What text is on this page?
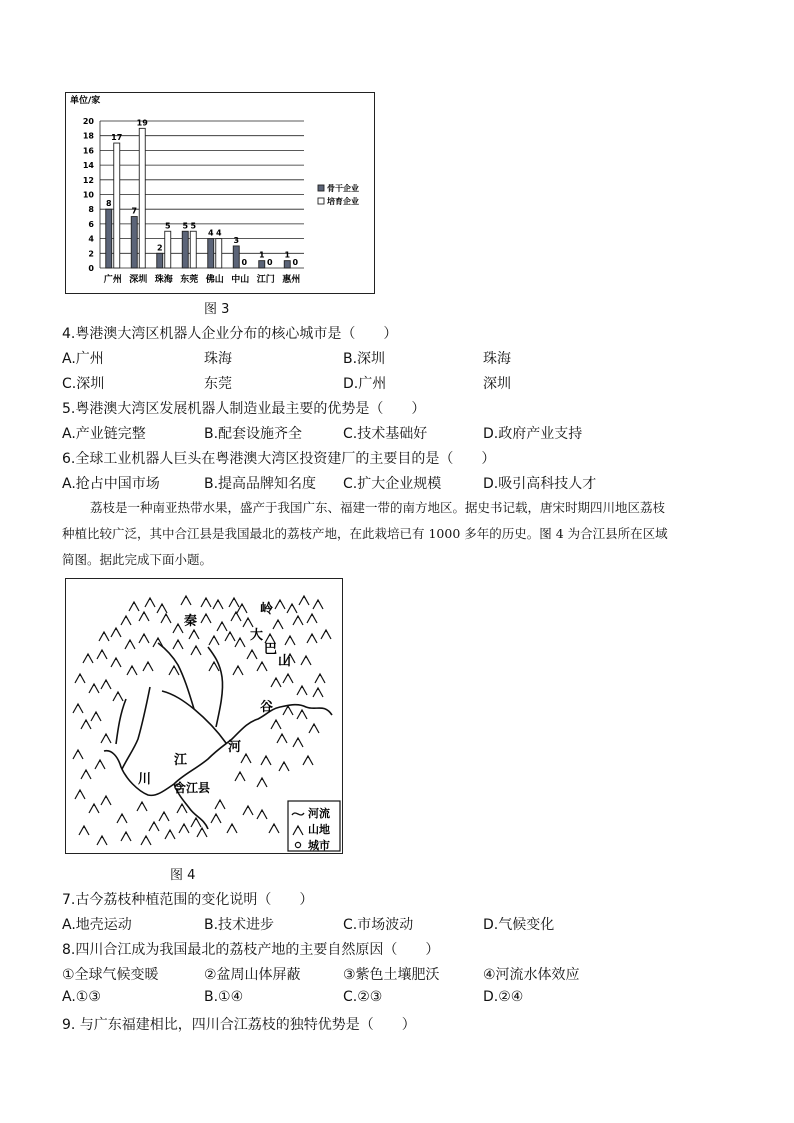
单位/家
0
2
4
6
8
10
12
14
16
18
20
8
17
广州
7
19
深圳
2
5
珠海
5 5
东莞
4 4
佛山
3
0
中山
1
0
江门
1
0
惠州
骨干企业
培育企业
图 3
4.粤港澳大湾区机器人企业分布的核心城市是（　　）
A.广州	珠海	B.深圳	珠海
C.深圳	东莞	D.广州	深圳
5.粤港澳大湾区发展机器人制造业最主要的优势是（　　）
A.产业链完整	B.配套设施齐全	C.技术基础好	D.政府产业支持
6.全球工业机器人巨头在粤港澳大湾区投资建厂的主要目的是（　　）
A.抢占中国市场	B.提高品牌知名度 C.扩大企业规模	D.吸引高科技人才
荔枝是一种南亚热带水果，盛产于我国广东、福建一带的南方地区。据史书记载，唐宋时期四川地区荔枝
种植比较广泛，其中合江县是我国最北的荔枝产地，在此栽培已有 1000 多年的历史。图 4 为合江县所在区域
简图。据此完成下面小题。
秦
岭
大
巴
山
谷
河
川
江
合江县
河流
山地
城市
图 4
7.古今荔枝种植范围的变化说明（　　）
A.地壳运动	B.技术进步	C.市场波动	D.气候变化
8.四川合江成为我国最北的荔枝产地的主要自然原因（　　）
①全球气候变暖	②盆周山体屏蔽	③紫色土壤肥沃	④河流水体效应
A.①③	B.①④	C.②③	D.②④
9. 与广东福建相比，四川合江荔枝的独特优势是（　　）
